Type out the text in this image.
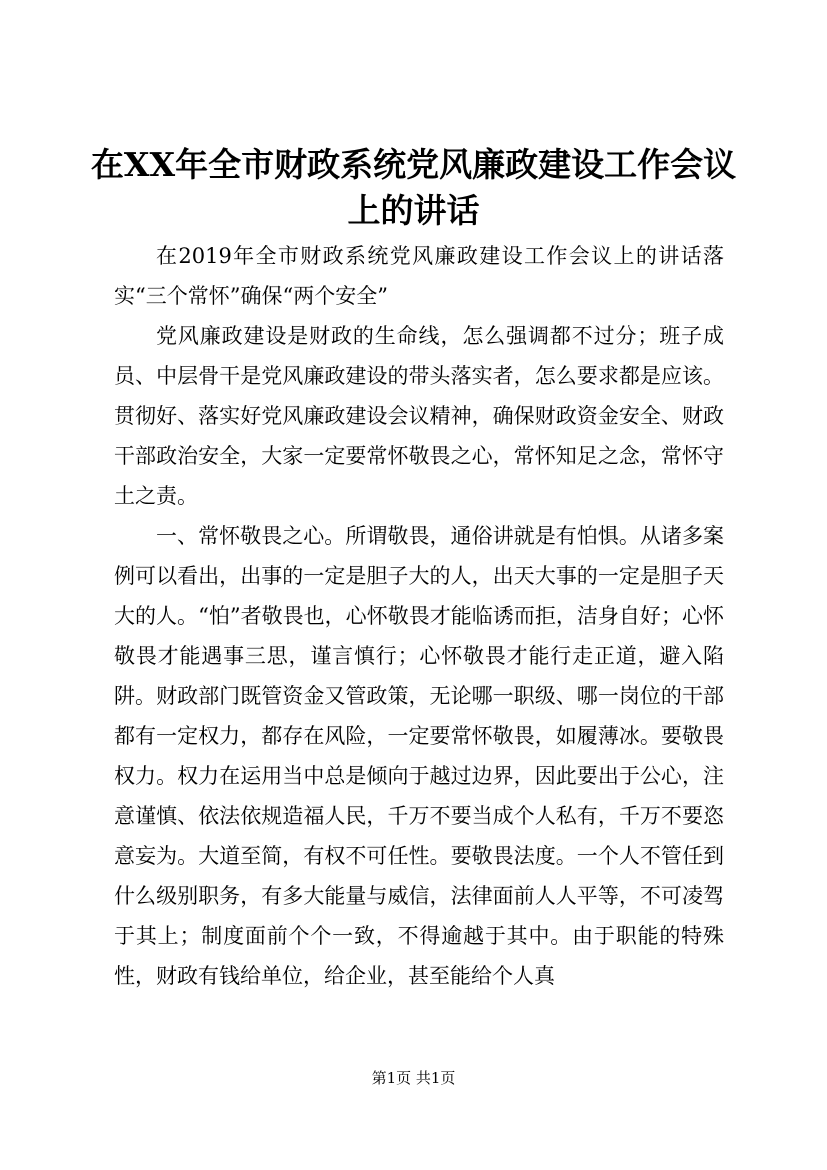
在XX年全市财政系统党风廉政建设工作会议
上的讲话

在2019年全市财政系统党风廉政建设工作会议上的讲话落实“三个常怀”确保“两个安全”

党风廉政建设是财政的生命线，怎么强调都不过分；班子成员、中层骨干是党风廉政建设的带头落实者，怎么要求都是应该。贯彻好、落实好党风廉政建设会议精神，确保财政资金安全、财政干部政治安全，大家一定要常怀敬畏之心，常怀知足之念，常怀守土之责。

一、常怀敬畏之心。所谓敬畏，通俗讲就是有怕惧。从诸多案例可以看出，出事的一定是胆子大的人，出天大事的一定是胆子天大的人。“怕”者敬畏也，心怀敬畏才能临诱而拒，洁身自好；心怀敬畏才能遇事三思，谨言慎行；心怀敬畏才能行走正道，避入陷阱。财政部门既管资金又管政策，无论哪一职级、哪一岗位的干部都有一定权力，都存在风险，一定要常怀敬畏，如履薄冰。要敬畏权力。权力在运用当中总是倾向于越过边界，因此要出于公心，注意谨慎、依法依规造福人民，千万不要当成个人私有，千万不要恣意妄为。大道至简，有权不可任性。要敬畏法度。一个人不管任到什么级别职务，有多大能量与威信，法律面前人人平等，不可凌驾于其上；制度面前个个一致，不得逾越于其中。由于职能的特殊性，财政有钱给单位，给企业，甚至能给个人真

第1页 共1页
